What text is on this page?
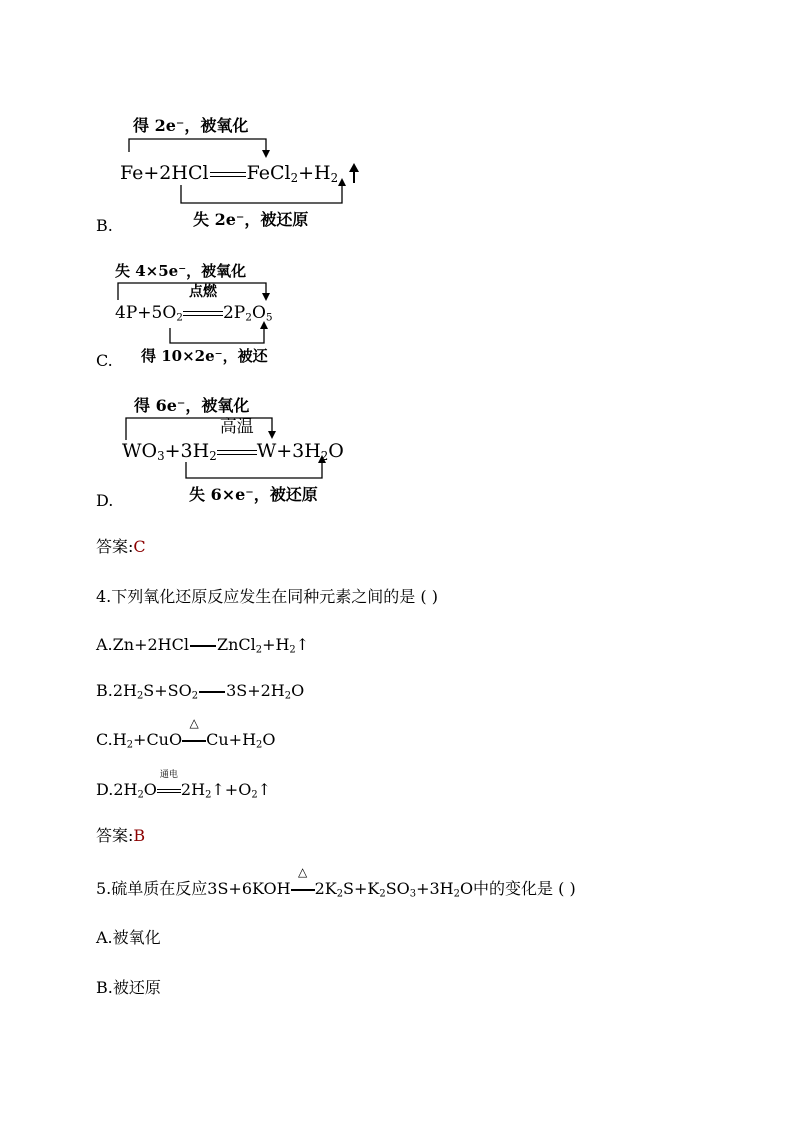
得 2e⁻，被氧化
Fe+2HCl $FeCl_2+H_2$
失 2e⁻，被还原
B.
失 4×5e⁻，被氧化
$4P+5O_2$
点燃
$2P_2O_5$
得 10×2e⁻，被还
C.
得 6e⁻，被氧化
$WO_3+3H_2$
高温
$W+3H_2O$
失 6×e⁻，被还原
D.
答案:C
4.下列氧化还原反应发生在同种元素之间的是 ( )
A.Zn+2HCl $ZnCl_2+H_2↑$
$B.2H_2S+SO_2$ $3S+2H_2O$
$C.H_2+CuO$
△
$Cu+H_2O$
$D.2H_2O$
通电
$2H_2↑+O_2↑$
答案:B
5.硫单质在反应3S+6KOH
△
$2K_2S+K_2SO_3+3H_2O$中的变化是 ( )
A.被氧化
B.被还原
